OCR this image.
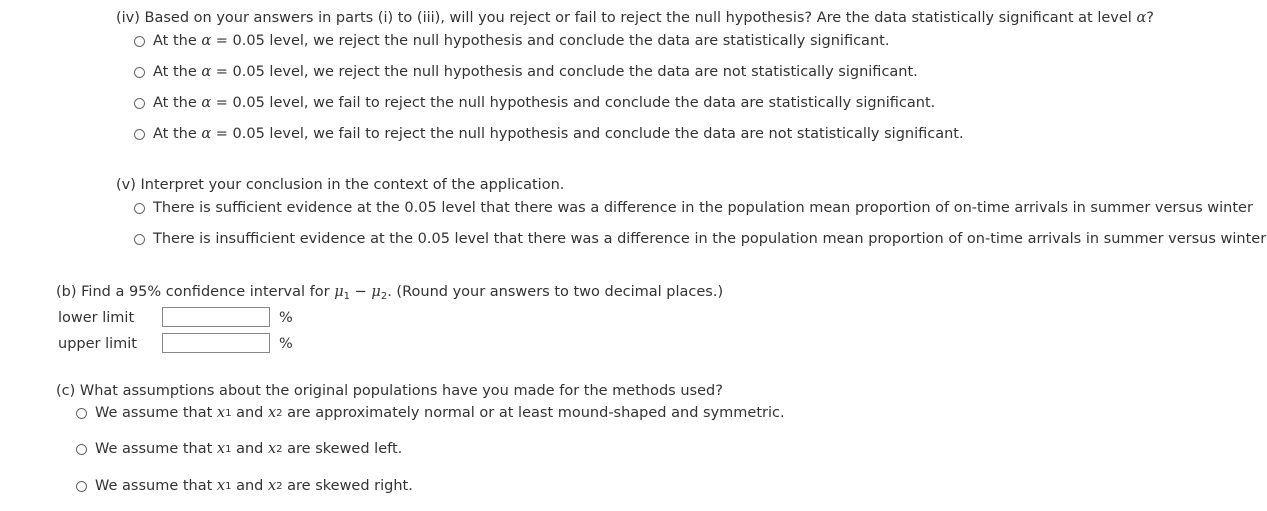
(iv) Based on your answers in parts (i) to (iii), will you reject or fail to reject the null hypothesis? Are the data statistically significant at level α?
At the
α
= 0.05 level, we
reject the null hypothesis and conclude the data are statistically significant.
At the
α
= 0.05 level, we
reject the null hypothesis and conclude the data are not statistically significant.
At the
α
= 0.05 level, we
fail to reject the null hypothesis and conclude the data are statistically significant.
At the
α
= 0.05 level, we
fail to reject the null hypothesis and conclude the data are not statistically significant.
(v) Interpret your conclusion in the context of the application.
There is sufficient evidence at the 0.05 level that there was a difference in the population mean proportion of on-time arrivals in summer versus winter
There is insufficient evidence at the 0.05 level that there was a difference in the population mean proportion of on-time arrivals in summer versus winter
(b) Find a 95% confidence interval for $\mu_1 - \mu_2$. (Round your answers to two decimal places.)
lower limit	%
upper limit	%
(c) What assumptions about the original populations have you made for the methods used?
We assume that
x 1
and
x 2
are approximately normal or at least mound-shaped and symmetric.
We assume that
x 1
and
x 2
are skewed left.
We assume that
x 1
and
x 2
are skewed right.
